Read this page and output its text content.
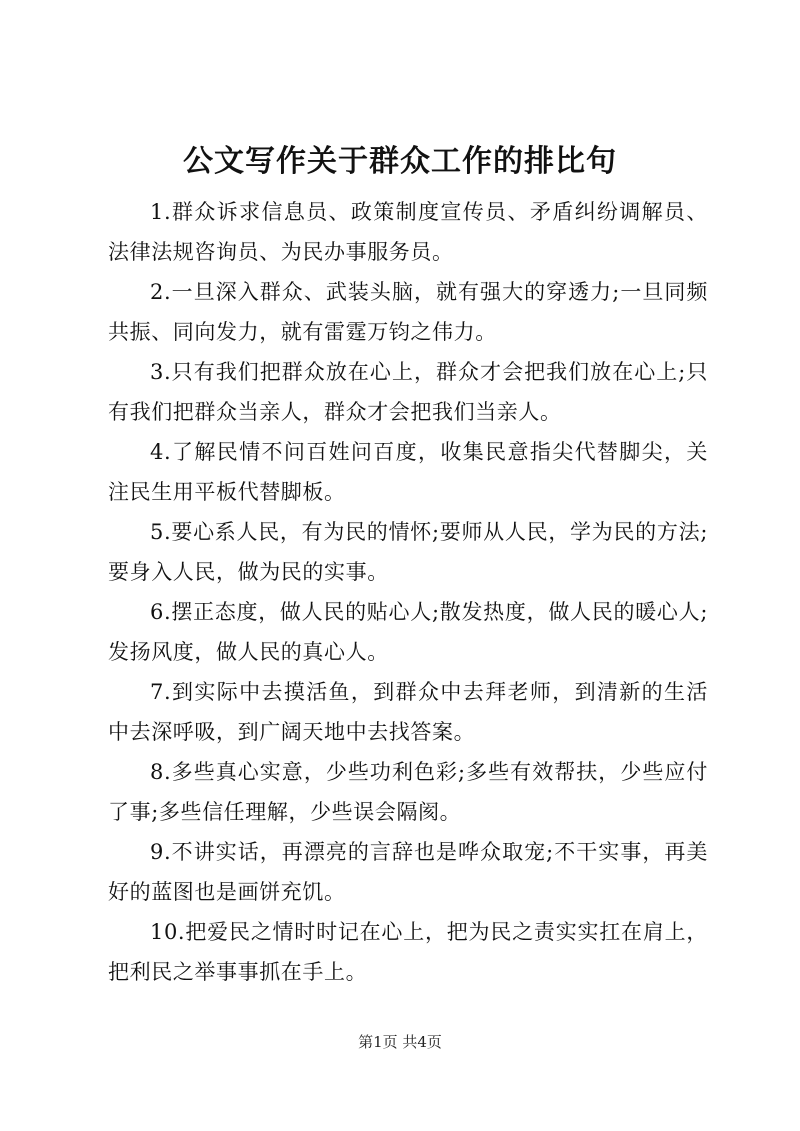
公文写作关于群众工作的排比句

1.群众诉求信息员、政策制度宣传员、矛盾纠纷调解员、法律法规咨询员、为民办事服务员。

2.一旦深入群众、武装头脑，就有强大的穿透力;一旦同频共振、同向发力，就有雷霆万钧之伟力。

3.只有我们把群众放在心上，群众才会把我们放在心上;只有我们把群众当亲人，群众才会把我们当亲人。

4.了解民情不问百姓问百度，收集民意指尖代替脚尖，关注民生用平板代替脚板。

5.要心系人民，有为民的情怀;要师从人民，学为民的方法;要身入人民，做为民的实事。

6.摆正态度，做人民的贴心人;散发热度，做人民的暖心人;发扬风度，做人民的真心人。

7.到实际中去摸活鱼，到群众中去拜老师，到清新的生活中去深呼吸，到广阔天地中去找答案。

8.多些真心实意，少些功利色彩;多些有效帮扶，少些应付了事;多些信任理解，少些误会隔阂。

9.不讲实话，再漂亮的言辞也是哗众取宠;不干实事，再美好的蓝图也是画饼充饥。

10.把爱民之情时时记在心上，把为民之责实实扛在肩上，把利民之举事事抓在手上。

第1页 共4页
